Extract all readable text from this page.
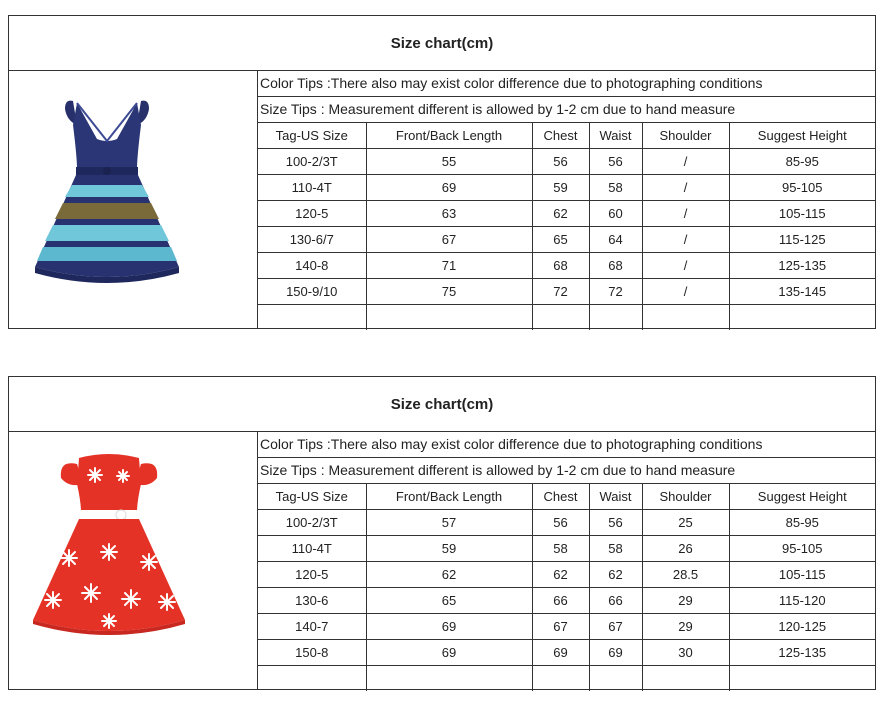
Size chart(cm)
Color Tips :There also may exist color difference due to photographing conditions
Size Tips : Measurement different is allowed by 1-2 cm due to hand measure
Tag-US Size	Front/Back Length	Chest	Waist	Shoulder	Suggest Height
100-2/3T	55	56	56	/	85-95
110-4T	69	59	58	/	95-105
120-5	63	62	60	/	105-115
130-6/7	67	65	64	/	115-125
140-8	71	68	68	/	125-135
150-9/10	75	72	72	/	135-145

Size chart(cm)
Color Tips :There also may exist color difference due to photographing conditions
Size Tips : Measurement different is allowed by 1-2 cm due to hand measure
Tag-US Size	Front/Back Length	Chest	Waist	Shoulder	Suggest Height
100-2/3T	57	56	56	25	85-95
110-4T	59	58	58	26	95-105
120-5	62	62	62	28.5	105-115
130-6	65	66	66	29	115-120
140-7	69	67	67	29	120-125
150-8	69	69	69	30	125-135
